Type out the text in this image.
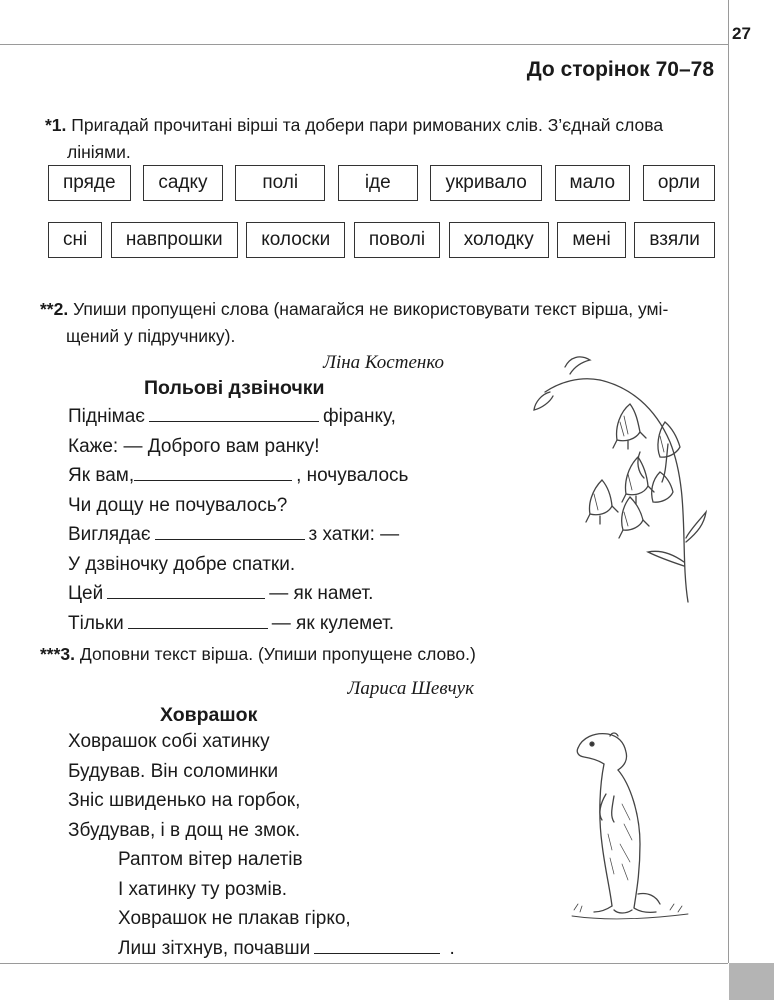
27
До сторінок 70–78
*1. Пригадай прочитані вірші та добери пари римованих слів. З’єднай слова
лініями.
пряде	садку	полі	іде	укривало	мало	орли
сні	навпрошки	колоски	поволі	холодку	мені	взяли
**2. Упиши пропущені слова (намагайся не використовувати текст вірша, умі-
щений у підручнику).
Ліна Костенко
Польові дзвіночки
Піднімає	фіранку,
Каже: — Доброго вам ранку!
Як вам,	, ночувалось
Чи дощу не почувалось?
Виглядає	з хатки: —
У дзвіночку добре спатки.
Цей	— як намет.
Тільки	— як кулемет.
***3. Доповни текст вірша. (Упиши пропущене слово.)
Лариса Шевчук
Ховрашок
Ховрашок собі хатинку
Будував. Він соломинки
Зніс швиденько на горбок,
Збудував, і в дощ не змок.
Раптом вітер налетів
І хатинку ту розмів.
Ховрашок не плакав гірко,
Лиш зітхнув, почавши	.
